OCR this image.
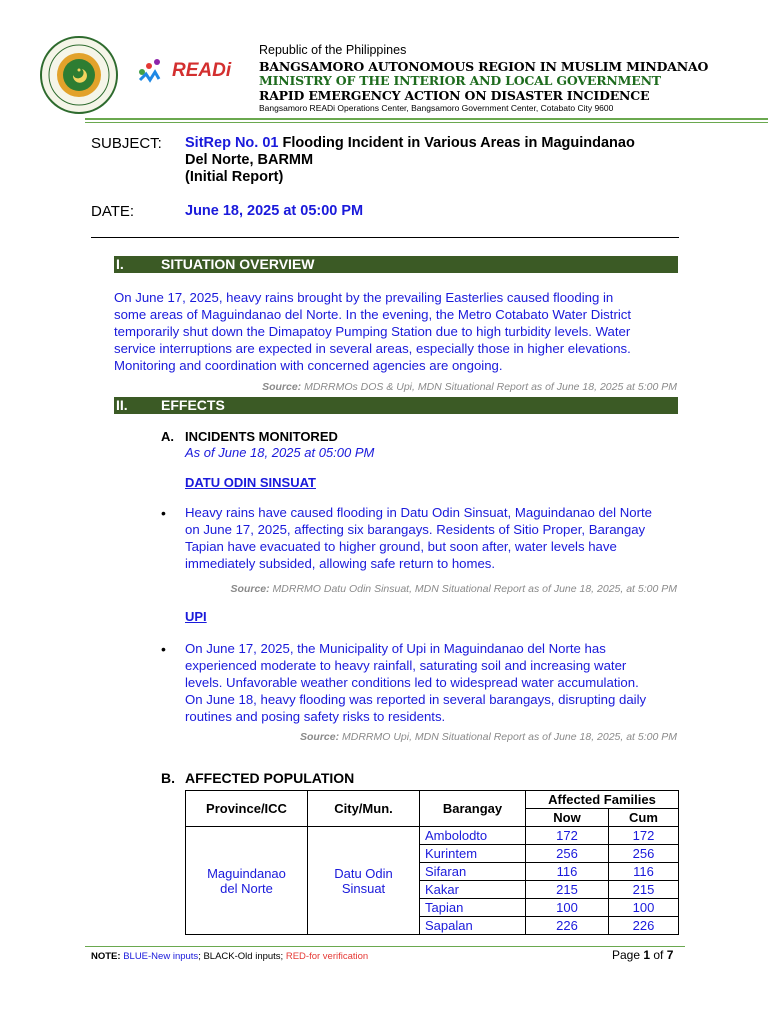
READi
Republic of the Philippines
BANGSAMORO AUTONOMOUS REGION IN MUSLIM MINDANAO
MINISTRY OF THE INTERIOR AND LOCAL GOVERNMENT
RAPID EMERGENCY ACTION ON DISASTER INCIDENCE
Bangsamoro READi Operations Center, Bangsamoro Government Center, Cotabato City 9600
SUBJECT: SitRep No. 01 Flooding Incident in Various Areas in Maguindanao
Del Norte, BARMM
(Initial Report)
DATE:	June 18, 2025 at 05:00 PM
I.	SITUATION OVERVIEW
On June 17, 2025, heavy rains brought by the prevailing Easterlies caused flooding in
some areas of Maguindanao del Norte. In the evening, the Metro Cotabato Water District
temporarily shut down the Dimapatoy Pumping Station due to high turbidity levels. Water
service interruptions are expected in several areas, especially those in higher elevations.
Monitoring and coordination with concerned agencies are ongoing.
Source: MDRRMOs DOS & Upi, MDN Situational Report as of June 18, 2025 at 5:00 PM
II. EFFECTS
A. INCIDENTS MONITORED
As of June 18, 2025 at 05:00 PM
DATU ODIN SINSUAT
• Heavy rains have caused flooding in Datu Odin Sinsuat, Maguindanao del Norte
on June 17, 2025, affecting six barangays. Residents of Sitio Proper, Barangay
Tapian have evacuated to higher ground, but soon after, water levels have
immediately subsided, allowing safe return to homes.
Source: MDRRMO Datu Odin Sinsuat, MDN Situational Report as of June 18, 2025, at 5:00 PM
UPI
• On June 17, 2025, the Municipality of Upi in Maguindanao del Norte has
experienced moderate to heavy rainfall, saturating soil and increasing water
levels. Unfavorable weather conditions led to widespread water accumulation.
On June 18, heavy flooding was reported in several barangays, disrupting daily
routines and posing safety risks to residents.
Source: MDRRMO Upi, MDN Situational Report as of June 18, 2025, at 5:00 PM
B. AFFECTED POPULATION
Province/ICC	City/Mun.	Barangay	Affected Families	
			Now	Cum

Maguindanao del Norte	Datu Odin Sinsuat	Ambolodto	172	172
		Kurintem	256	256
		Sifaran	116	116
		Kakar	215	215
		Tapian	100	100
		Sapalan	226	226
NOTE: BLUE-New inputs; BLACK-Old inputs; RED-for verification	Page 1 of 7
